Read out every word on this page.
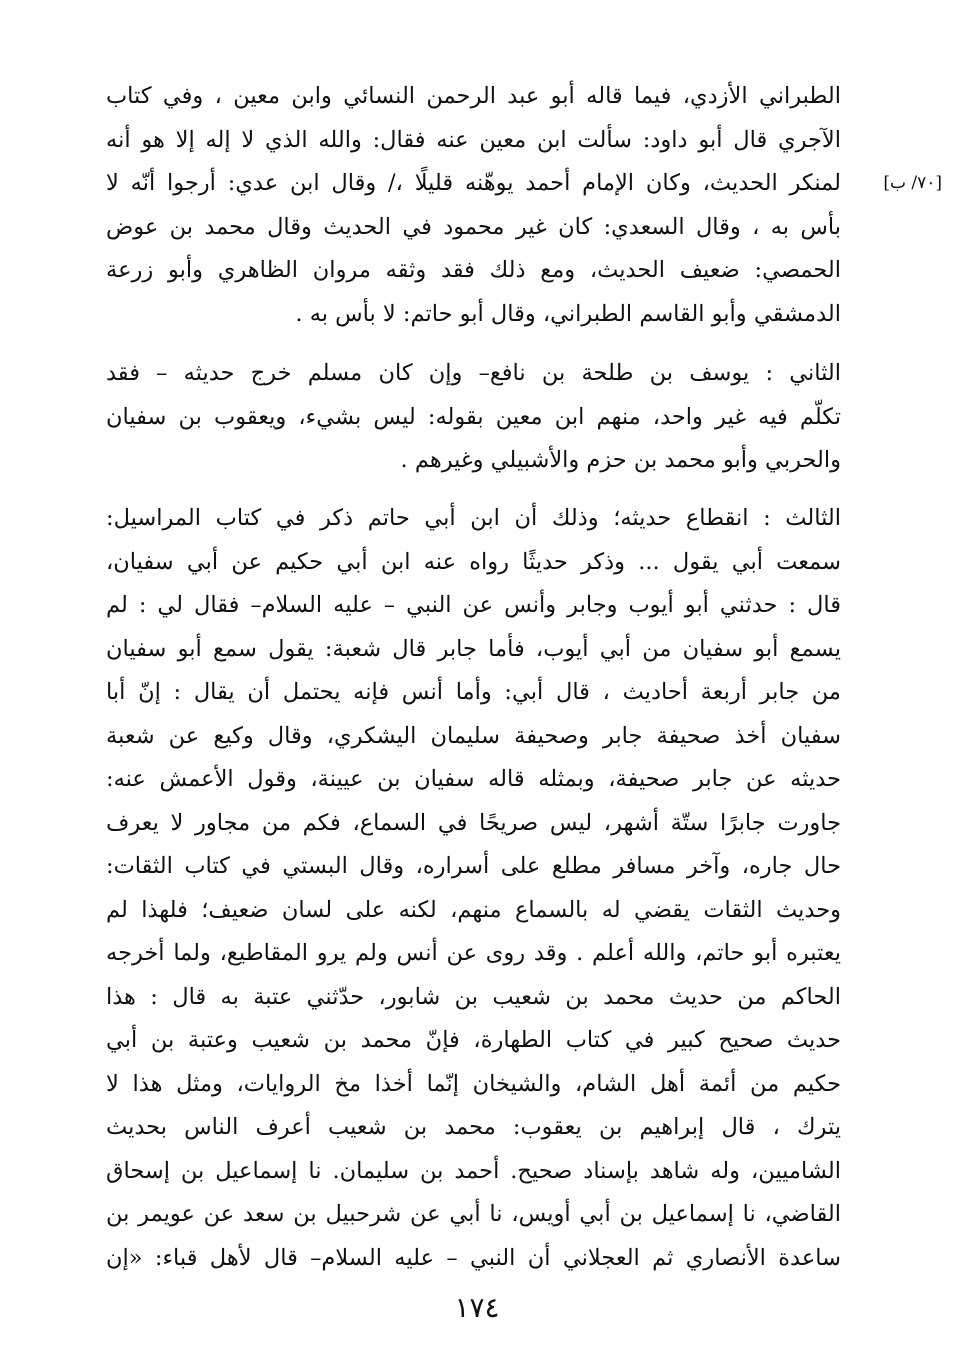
[٧٠/ ب]
الطبراني الأزدي، فيما قاله أبو عبد الرحمن النسائي وابن معين ، وفي كتاب
الآجري قال أبو داود: سألت ابن معين عنه فقال: والله الذي لا إله إلا هو أنه
لمنكر الحديث، وكان الإمام أحمد يوهّنه قليلًا ،/ وقال ابن عدي: أرجوا أنّه لا
بأس به ، وقال السعدي: كان غير محمود في الحديث وقال محمد بن عوض
الحمصي: ضعيف الحديث، ومع ذلك فقد وثقه مروان الظاهري وأبو زرعة
الدمشقي وأبو القاسم الطبراني، وقال أبو حاتم: لا بأس به .
الثاني : يوسف بن طلحة بن نافع– وإن كان مسلم خرج حديثه – فقد
تكلّم فيه غير واحد، منهم ابن معين بقوله: ليس بشيء، ويعقوب بن سفيان
والحربي وأبو محمد بن حزم والأشبيلي وغيرهم .
الثالث : انقطاع حديثه؛ وذلك أن ابن أبي حاتم ذكر في كتاب المراسيل:
سمعت أبي يقول ... وذكر حديثًا رواه عنه ابن أبي حكيم عن أبي سفيان،
قال : حدثني أبو أيوب وجابر وأنس عن النبي – عليه السلام– فقال لي : لم
يسمع أبو سفيان من أبي أيوب، فأما جابر قال شعبة: يقول سمع أبو سفيان
من جابر أربعة أحاديث ، قال أبي: وأما أنس فإنه يحتمل أن يقال : إنّ أبا
سفيان أخذ صحيفة جابر وصحيفة سليمان اليشكري، وقال وكيع عن شعبة
حديثه عن جابر صحيفة، وبمثله قاله سفيان بن عيينة، وقول الأعمش عنه:
جاورت جابرًا ستّة أشهر، ليس صريحًا في السماع، فكم من مجاور لا يعرف
حال جاره، وآخر مسافر مطلع على أسراره، وقال البستي في كتاب الثقات:
وحديث الثقات يقضي له بالسماع منهم، لكنه على لسان ضعيف؛ فلهذا لم
يعتبره أبو حاتم، والله أعلم . وقد روى عن أنس ولم يرو المقاطيع، ولما أخرجه
الحاكم من حديث محمد بن شعيب بن شابور، حدّثني عتبة به قال : هذا
حديث صحيح كبير في كتاب الطهارة، فإنّ محمد بن شعيب وعتبة بن أبي
حكيم من أئمة أهل الشام، والشيخان إنّما أخذا مخ الروايات، ومثل هذا لا
يترك ، قال إبراهيم بن يعقوب: محمد بن شعيب أعرف الناس بحديث
الشاميين، وله شاهد بإسناد صحيح. أحمد بن سليمان. نا إسماعيل بن إسحاق
القاضي، نا إسماعيل بن أبي أويس، نا أبي عن شرحبيل بن سعد عن عويمر بن
ساعدة الأنصاري ثم العجلاني أن النبي – عليه السلام– قال لأهل قباء: «إن
١٧٤
